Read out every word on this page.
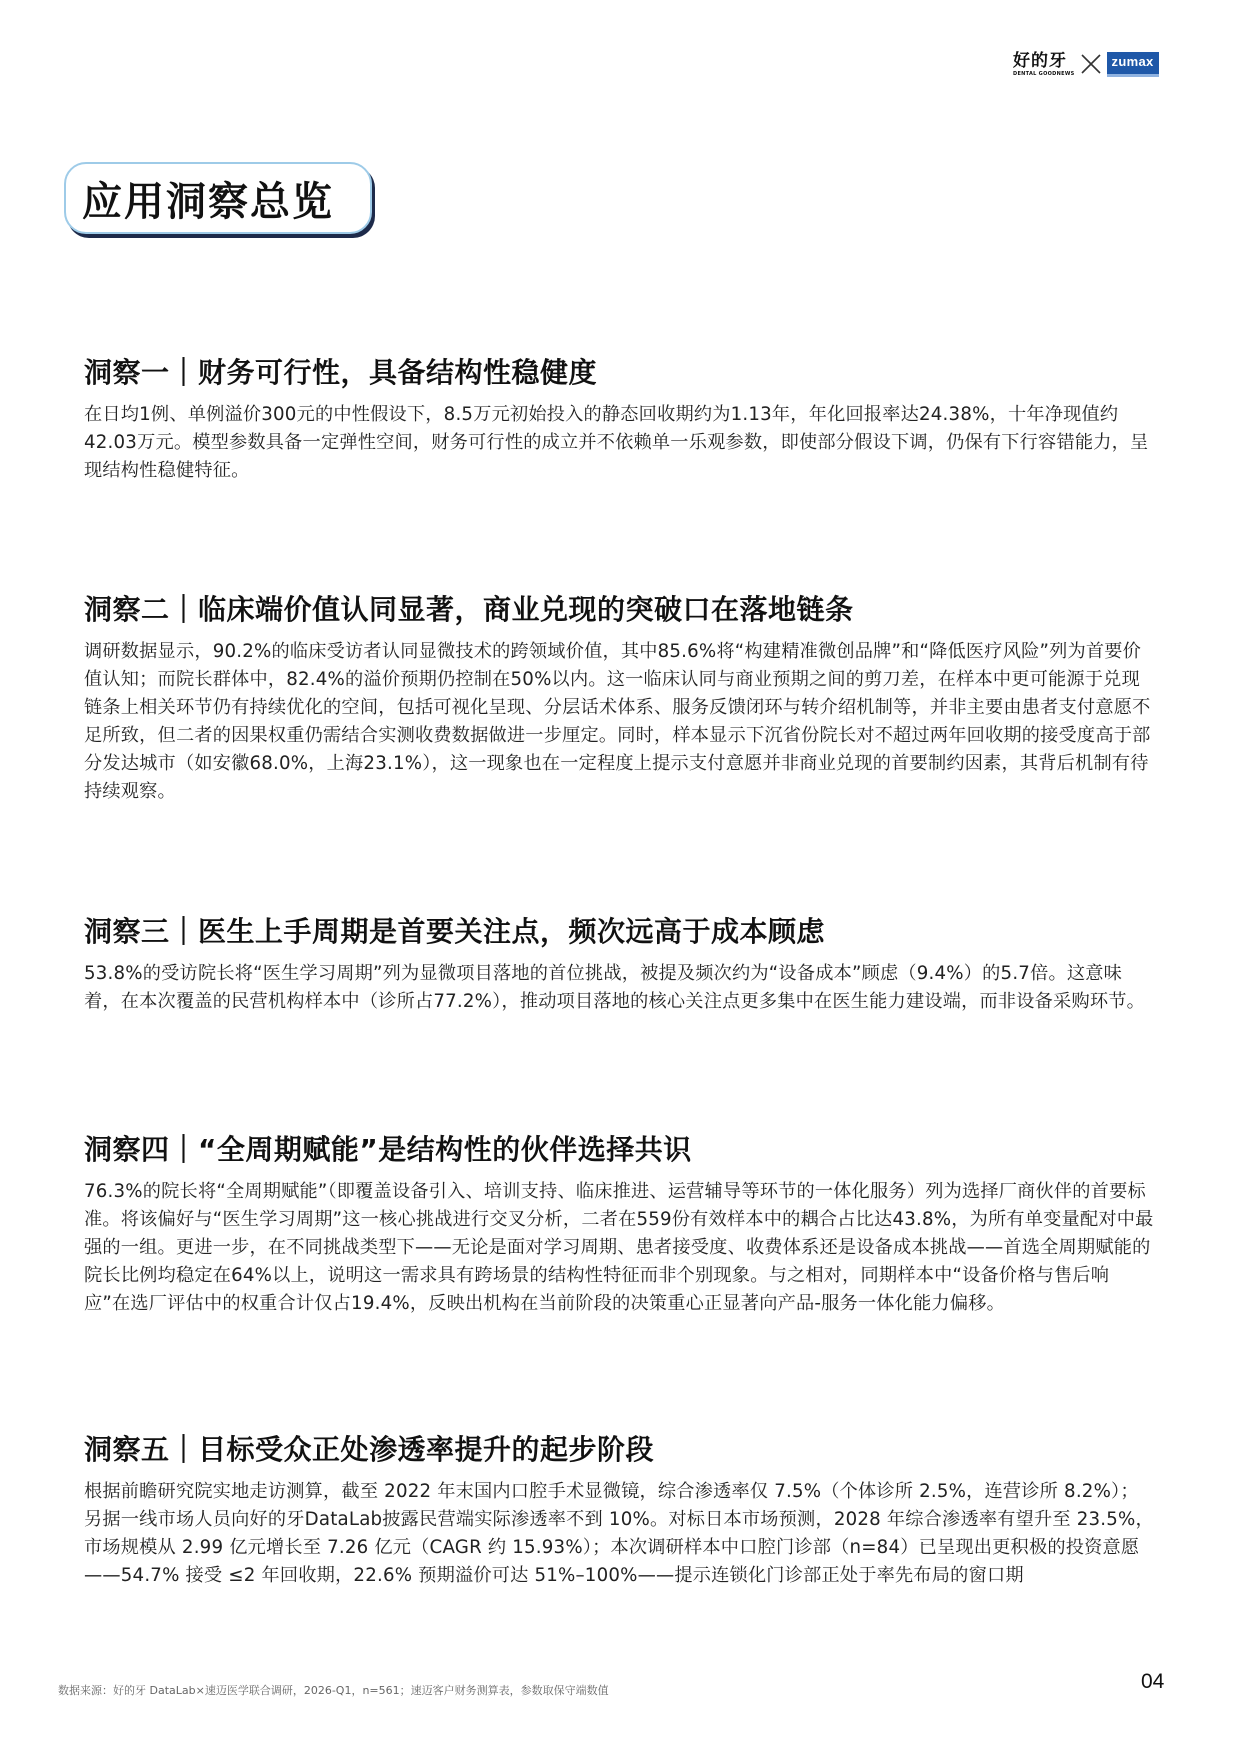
好的牙
DENTAL GOODNEWS
zumax
应用洞察总览
洞察一｜财务可行性，具备结构性稳健度

在日均1例、单例溢价300元的中性假设下，8.5万元初始投入的静态回收期约为1.13年，年化回报率达24.38%，十年净现值约42.03万元。模型参数具备一定弹性空间，财务可行性的成立并不依赖单一乐观参数，即使部分假设下调，仍保有下行容错能力，呈现结构性稳健特征。

洞察二｜临床端价值认同显著，商业兑现的突破口在落地链条

调研数据显示，90.2%的临床受访者认同显微技术的跨领域价值，其中85.6%将“构建精准微创品牌”和“降低医疗风险”列为首要价值认知；而院长群体中，82.4%的溢价预期仍控制在50%以内。这一临床认同与商业预期之间的剪刀差，在样本中更可能源于兑现链条上相关环节仍有持续优化的空间，包括可视化呈现、分层话术体系、服务反馈闭环与转介绍机制等，并非主要由患者支付意愿不足所致，但二者的因果权重仍需结合实测收费数据做进一步厘定。同时，样本显示下沉省份院长对不超过两年回收期的接受度高于部分发达城市（如安徽68.0%，上海23.1%），这一现象也在一定程度上提示支付意愿并非商业兑现的首要制约因素，其背后机制有待持续观察。

洞察三｜医生上手周期是首要关注点，频次远高于成本顾虑

53.8%的受访院长将“医生学习周期”列为显微项目落地的首位挑战，被提及频次约为“设备成本”顾虑（9.4%）的5.7倍。这意味着，在本次覆盖的民营机构样本中（诊所占77.2%），推动项目落地的核心关注点更多集中在医生能力建设端，而非设备采购环节。

洞察四｜“全周期赋能”是结构性的伙伴选择共识

76.3%的院长将“全周期赋能”（即覆盖设备引入、培训支持、临床推进、运营辅导等环节的一体化服务）列为选择厂商伙伴的首要标准。将该偏好与“医生学习周期”这一核心挑战进行交叉分析，二者在559份有效样本中的耦合占比达43.8%，为所有单变量配对中最强的一组。更进一步，在不同挑战类型下——无论是面对学习周期、患者接受度、收费体系还是设备成本挑战——首选全周期赋能的院长比例均稳定在64%以上，说明这一需求具有跨场景的结构性特征而非个别现象。与之相对，同期样本中“设备价格与售后响应”在选厂评估中的权重合计仅占19.4%，反映出机构在当前阶段的决策重心正显著向产品-服务一体化能力偏移。

洞察五｜目标受众正处渗透率提升的起步阶段

根据前瞻研究院实地走访测算，截至 2022 年末国内口腔手术显微镜，综合渗透率仅 7.5%（个体诊所 2.5%，连营诊所 8.2%）；另据一线市场人员向好的牙DataLab披露民营端实际渗透率不到 10%。对标日本市场预测，2028 年综合渗透率有望升至 23.5%，市场规模从 2.99 亿元增长至 7.26 亿元（CAGR 约 15.93%）；本次调研样本中口腔门诊部（n=84）已呈现出更积极的投资意愿——54.7% 接受 ≤2 年回收期，22.6% 预期溢价可达 51%–100%——提示连锁化门诊部正处于率先布局的窗口期

数据来源：好的牙 DataLab×速迈医学联合调研，2026-Q1，n=561；速迈客户财务测算表，参数取保守端数值	04
